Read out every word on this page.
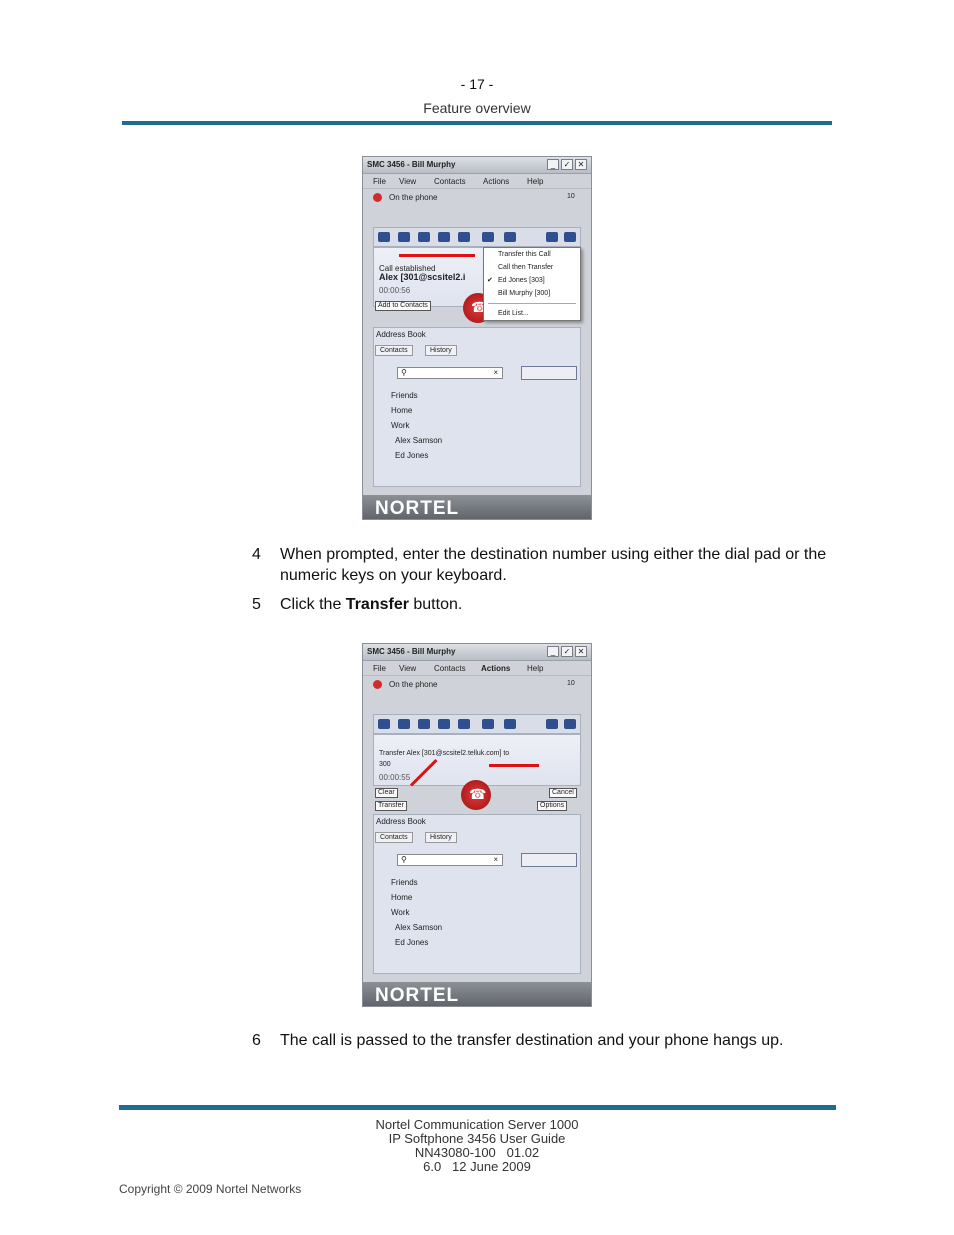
- 17 -
Feature overview
SMC 3456 - Bill Murphy	_	✓ ✕
File View Contacts Actions Help
On the phone	10
Call established
Alex [301@scsitel2.i
00:00:56
Add to Contacts
☎
Address Book
Contacts	History
⚲	×
Friends
Home
Work
Alex Samson
Ed Jones
NORTEL
Transfer this Call
Call then Transfer
✔ Ed Jones [303]
Bill Murphy [300]
Edit List...
4 When prompted, enter the destination number using either the dial pad or the numeric keys on your keyboard.
5 Click the Transfer button.
SMC 3456 - Bill Murphy	_	✓ ✕
File View Contacts Actions Help
On the phone	10
Transfer Alex [301@scsitel2.telluk.com] to
300
00:00:55
Clear
Transfer
☎
Cancel
Options
Address Book
Contacts	History
⚲	×
Friends
Home
Work
Alex Samson
Ed Jones
NORTEL
6 The call is passed to the transfer destination and your phone hangs up.
Nortel Communication Server 1000
IP Softphone 3456 User Guide
NN43080-100   01.02
6.0   12 June 2009
Copyright © 2009 Nortel Networks
